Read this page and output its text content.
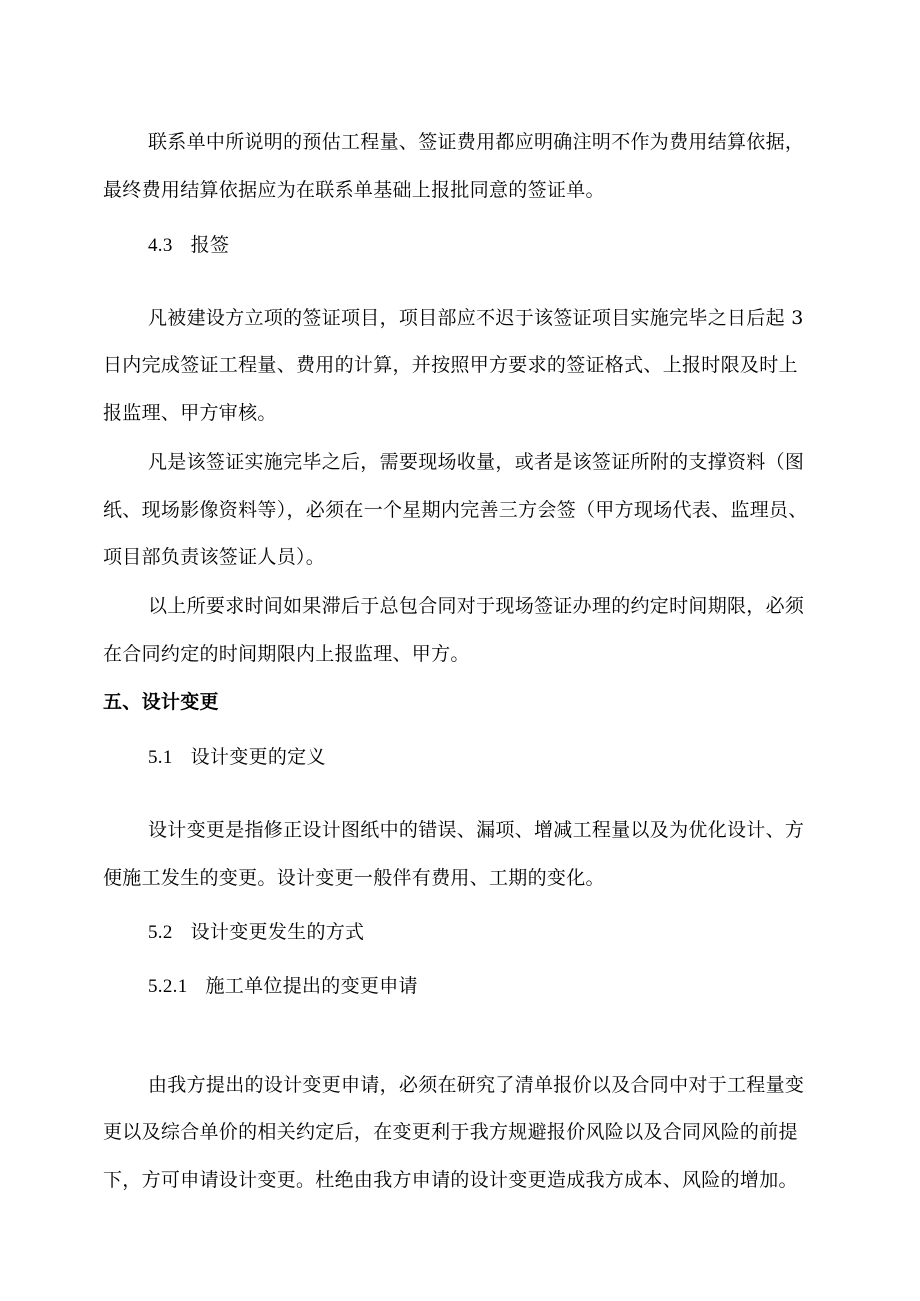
联系单中所说明的预估工程量、签证费用都应明确注明不作为费用结算依据，
最终费用结算依据应为在联系单基础上报批同意的签证单。
4.3 报签
凡被建设方立项的签证项目，项目部应不迟于该签证项目实施完毕之日后起 3
日内完成签证工程量、费用的计算，并按照甲方要求的签证格式、上报时限及时上
报监理、甲方审核。
凡是该签证实施完毕之后，需要现场收量，或者是该签证所附的支撑资料（图
纸、现场影像资料等），必须在一个星期内完善三方会签（甲方现场代表、监理员、
项目部负责该签证人员）。
以上所要求时间如果滞后于总包合同对于现场签证办理的约定时间期限，必须
在合同约定的时间期限内上报监理、甲方。
五、设计变更
5.1 设计变更的定义
设计变更是指修正设计图纸中的错误、漏项、增减工程量以及为优化设计、方
便施工发生的变更。设计变更一般伴有费用、工期的变化。
5.2 设计变更发生的方式
5.2.1 施工单位提出的变更申请
由我方提出的设计变更申请，必须在研究了清单报价以及合同中对于工程量变
更以及综合单价的相关约定后，在变更利于我方规避报价风险以及合同风险的前提
下，方可申请设计变更。杜绝由我方申请的设计变更造成我方成本、风险的增加。
